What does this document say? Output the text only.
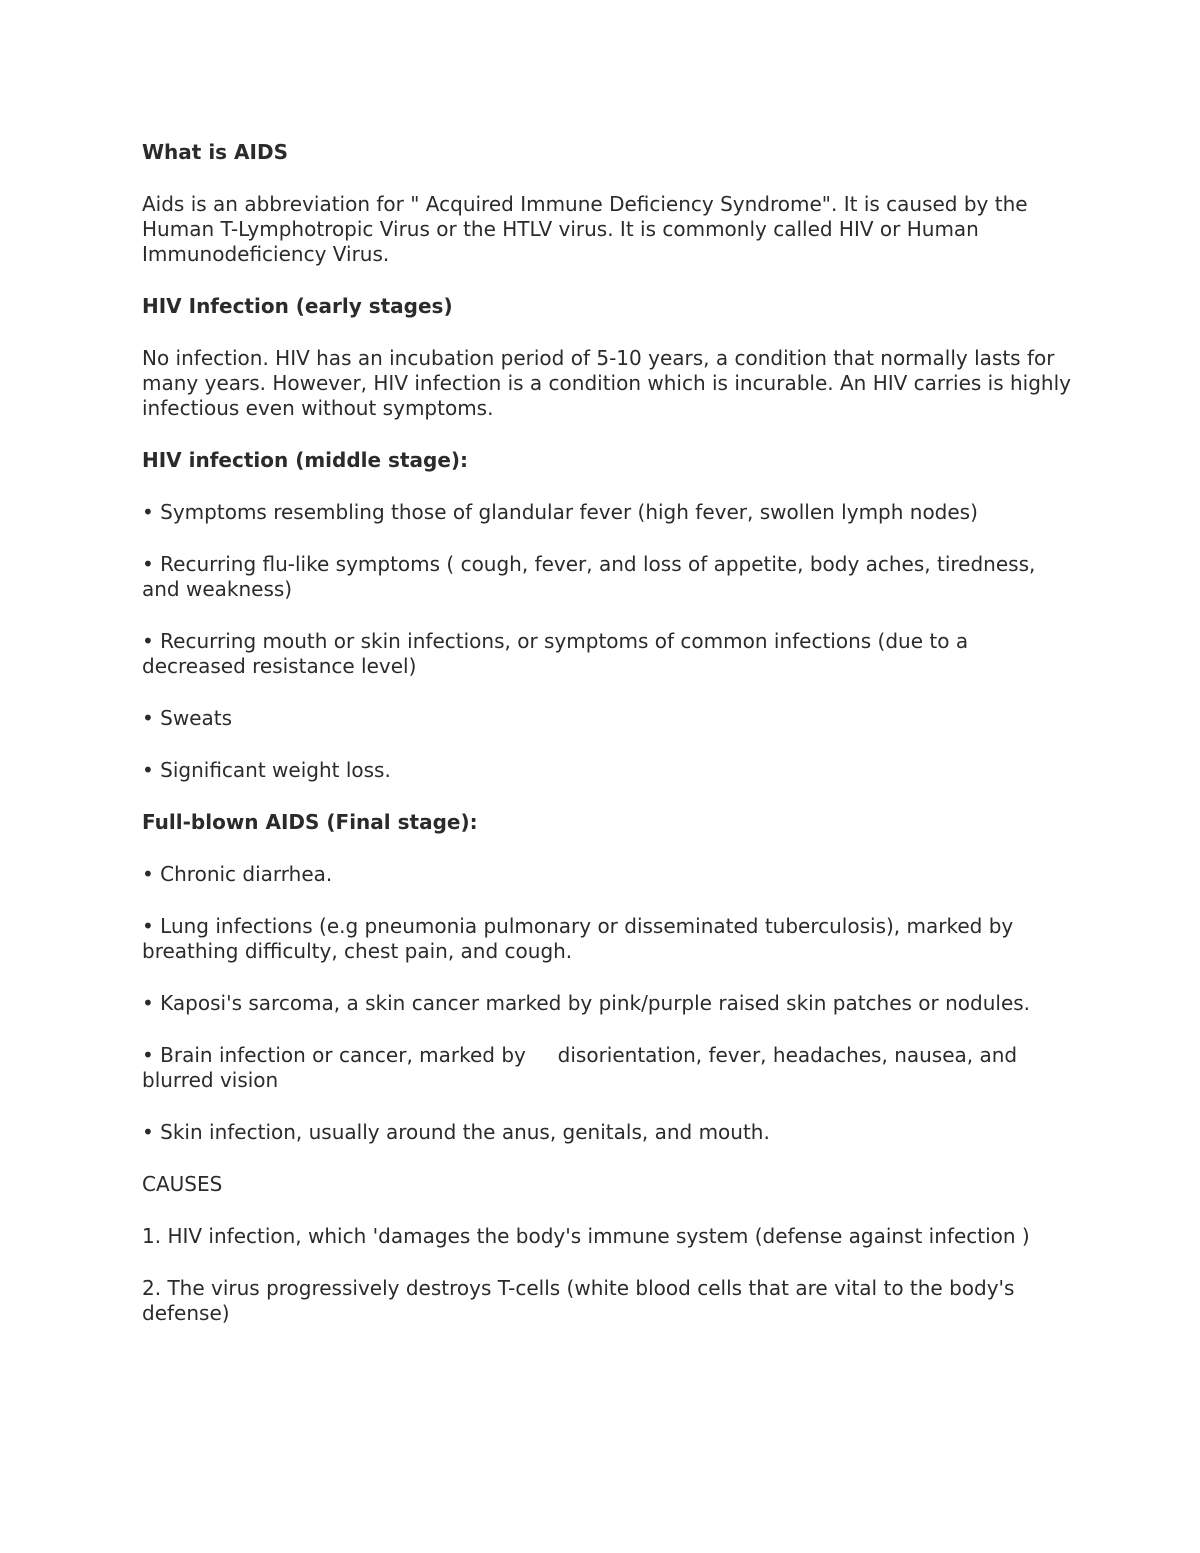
What is AIDS

Aids is an abbreviation for " Acquired Immune Deficiency Syndrome". It is caused by the Human T-Lymphotropic Virus or the HTLV virus. It is commonly called HIV or Human Immunodeficiency Virus.

HIV Infection (early stages)

No infection. HIV has an incubation period of 5-10 years, a condition that normally lasts for many years. However, HIV infection is a condition which is incurable. An HIV carries is highly infectious even without symptoms.

HIV infection (middle stage):

• Symptoms resembling those of glandular fever (high fever, swollen lymph nodes)

• Recurring flu-like symptoms ( cough, fever, and loss of appetite, body aches, tiredness, and weakness)

• Recurring mouth or skin infections, or symptoms of common infections (due to a decreased resistance level)

• Sweats

• Significant weight loss.

Full-blown AIDS (Final stage):

• Chronic diarrhea.

• Lung infections (e.g pneumonia pulmonary or disseminated tuberculosis), marked by breathing difficulty, chest pain, and cough.

• Kaposi's sarcoma, a skin cancer marked by pink/purple raised skin patches or nodules.

• Brain infection or cancer, marked by     disorientation, fever, headaches, nausea, and blurred vision

• Skin infection, usually around the anus, genitals, and mouth.

CAUSES

1. HIV infection, which 'damages the body's immune system (defense against infection )

2. The virus progressively destroys T-cells (white blood cells that are vital to the body's defense)
